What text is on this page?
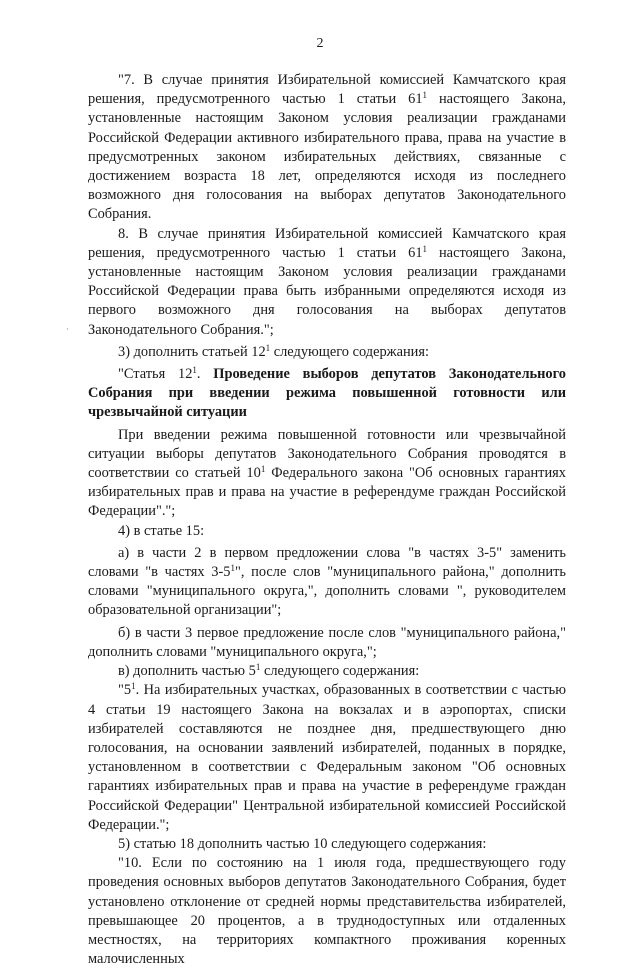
2
·

"7. В случае принятия Избирательной комиссией Камчатского края решения, предусмотренного частью 1 статьи $61^1$ настоящего Закона, установленные настоящим Законом условия реализации гражданами Российской Федерации активного избирательного права, права на участие в предусмотренных законом избирательных действиях, связанные с достижением возраста 18 лет, определяются исходя из последнего возможного дня голосования на выборах депутатов Законодательного Собрания.

8. В случае принятия Избирательной комиссией Камчатского края решения, предусмотренного частью 1 статьи $61^1$ настоящего Закона, установленные настоящим Законом условия реализации гражданами Российской Федерации права быть избранными определяются исходя из первого возможного дня голосования на выборах депутатов Законодательного Собрания.";

3) дополнить статьей $12^1$ следующего содержания:

"Статья $12^1$. Проведение выборов депутатов Законодательного Собрания при введении режима повышенной готовности или чрезвычайной ситуации

При введении режима повышенной готовности или чрезвычайной ситуации выборы депутатов Законодательного Собрания проводятся в соответствии со статьей $10^1$ Федерального закона "Об основных гарантиях избирательных прав и права на участие в референдуме граждан Российской Федерации".";

4) в статье 15:

а) в части 2 в первом предложении слова "в частях 3-5" заменить словами "в частях $3-5^1$", после слов "муниципального района," дополнить словами "муниципального округа,", дополнить словами ", руководителем образовательной организации";

б) в части 3 первое предложение после слов "муниципального района," дополнить словами "муниципального округа,";

в) дополнить частью $5^1$ следующего содержания:

"$5^1$. На избирательных участках, образованных в соответствии с частью 4 статьи 19 настоящего Закона на вокзалах и в аэропортах, списки избирателей составляются не позднее дня, предшествующего дню голосования, на основании заявлений избирателей, поданных в порядке, установленном в соответствии с Федеральным законом "Об основных гарантиях избирательных прав и права на участие в референдуме граждан Российской Федерации" Центральной избирательной комиссией Российской Федерации.";

5) статью 18 дополнить частью 10 следующего содержания:

"10. Если по состоянию на 1 июля года, предшествующего году проведения основных выборов депутатов Законодательного Собрания, будет установлено отклонение от средней нормы представительства избирателей, превышающее 20 процентов, а в труднодоступных или отдаленных местностях, на территориях компактного проживания коренных малочисленных
